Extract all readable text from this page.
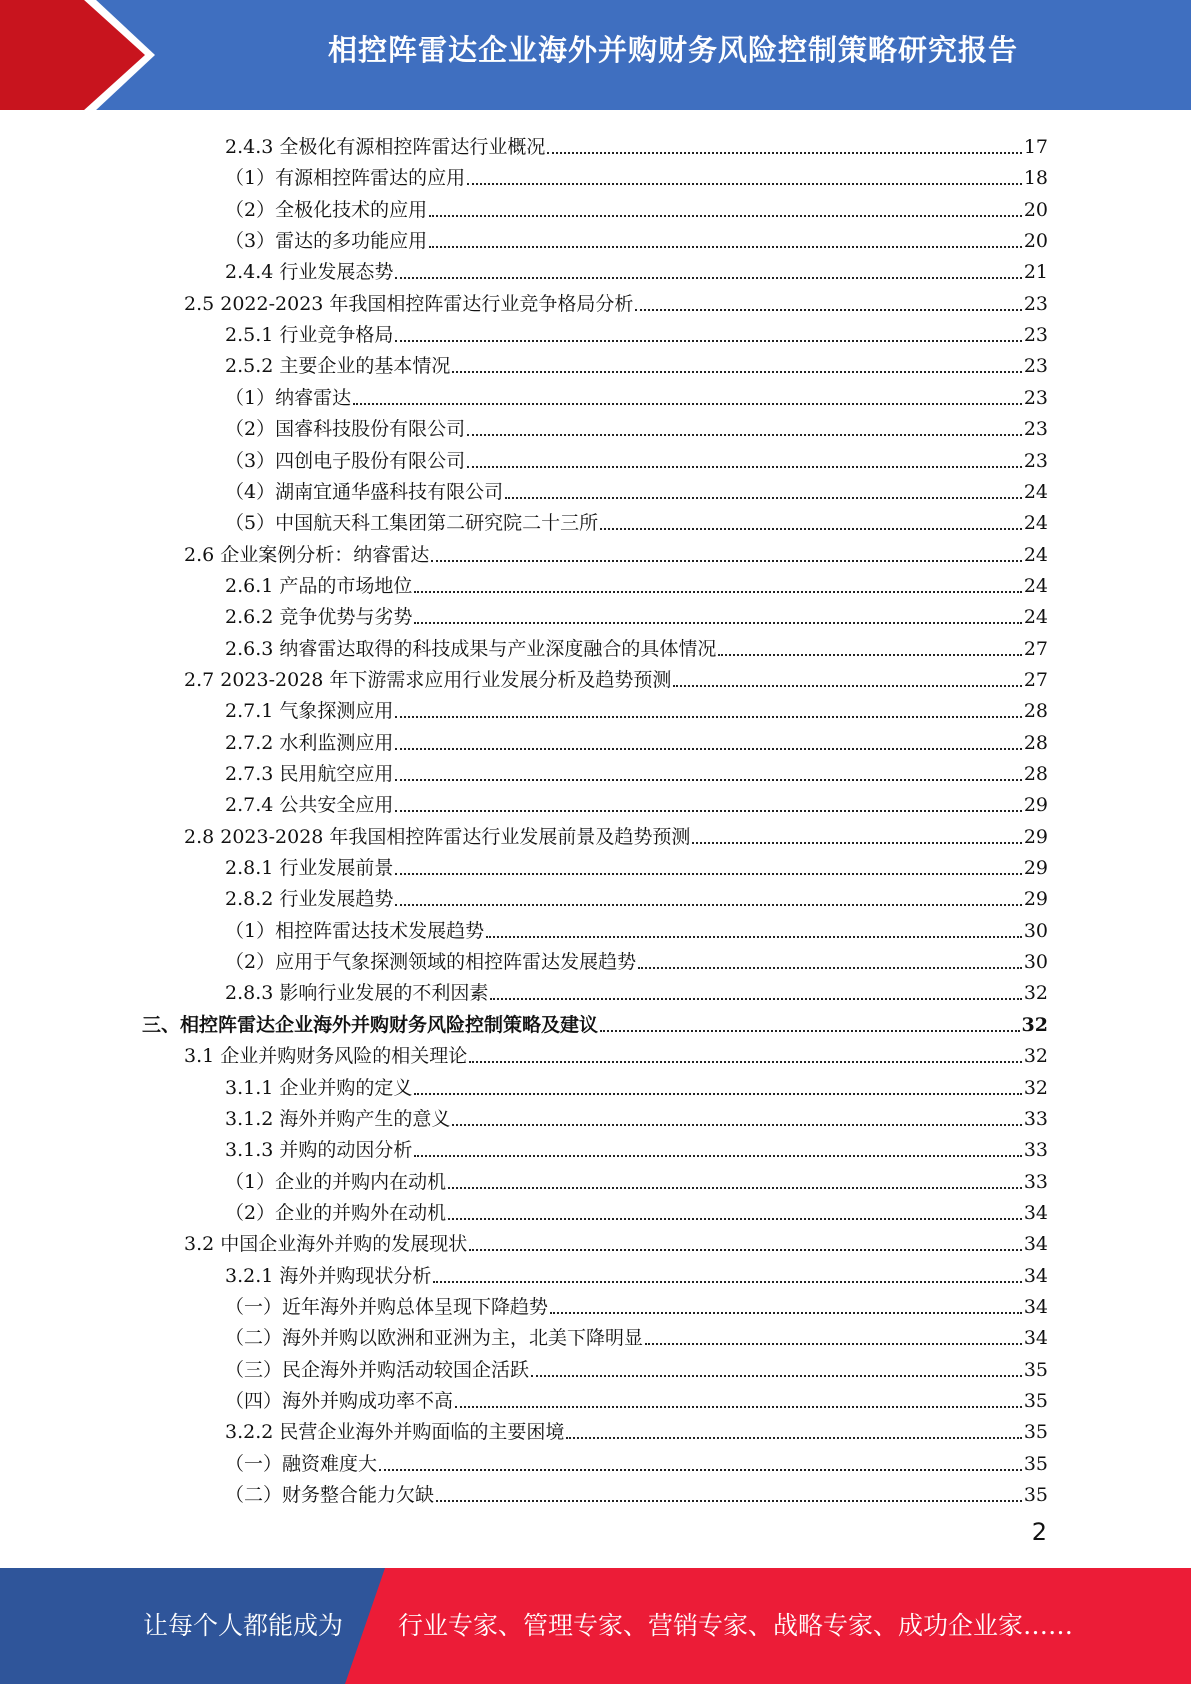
相控阵雷达企业海外并购财务风险控制策略研究报告
2.4.3 全极化有源相控阵雷达行业概况	17
（1）有源相控阵雷达的应用	18
（2）全极化技术的应用	20
（3）雷达的多功能应用	20
2.4.4 行业发展态势	21
2.5 2022-2023 年我国相控阵雷达行业竞争格局分析	23
2.5.1 行业竞争格局	23
2.5.2 主要企业的基本情况	23
（1）纳睿雷达	23
（2）国睿科技股份有限公司	23
（3）四创电子股份有限公司	23
（4）湖南宜通华盛科技有限公司	24
（5）中国航天科工集团第二研究院二十三所	24
2.6 企业案例分析：纳睿雷达	24
2.6.1 产品的市场地位	24
2.6.2 竞争优势与劣势	24
2.6.3 纳睿雷达取得的科技成果与产业深度融合的具体情况	27
2.7 2023-2028 年下游需求应用行业发展分析及趋势预测	27
2.7.1 气象探测应用	28
2.7.2 水利监测应用	28
2.7.3 民用航空应用	28
2.7.4 公共安全应用	29
2.8 2023-2028 年我国相控阵雷达行业发展前景及趋势预测	29
2.8.1 行业发展前景	29
2.8.2 行业发展趋势	29
（1）相控阵雷达技术发展趋势	30
（2）应用于气象探测领域的相控阵雷达发展趋势	30
2.8.3 影响行业发展的不利因素	32
三、相控阵雷达企业海外并购财务风险控制策略及建议	32
3.1 企业并购财务风险的相关理论	32
3.1.1 企业并购的定义	32
3.1.2 海外并购产生的意义	33
3.1.3 并购的动因分析	33
（1）企业的并购内在动机	33
（2）企业的并购外在动机	34
3.2 中国企业海外并购的发展现状	34
3.2.1 海外并购现状分析	34
（一）近年海外并购总体呈现下降趋势	34
（二）海外并购以欧洲和亚洲为主，北美下降明显	34
（三）民企海外并购活动较国企活跃	35
（四）海外并购成功率不高	35
3.2.2 民营企业海外并购面临的主要困境	35
（一）融资难度大	35
（二）财务整合能力欠缺	35
2
让每个人都能成为 行业专家、管理专家、营销专家、战略专家、成功企业家……
